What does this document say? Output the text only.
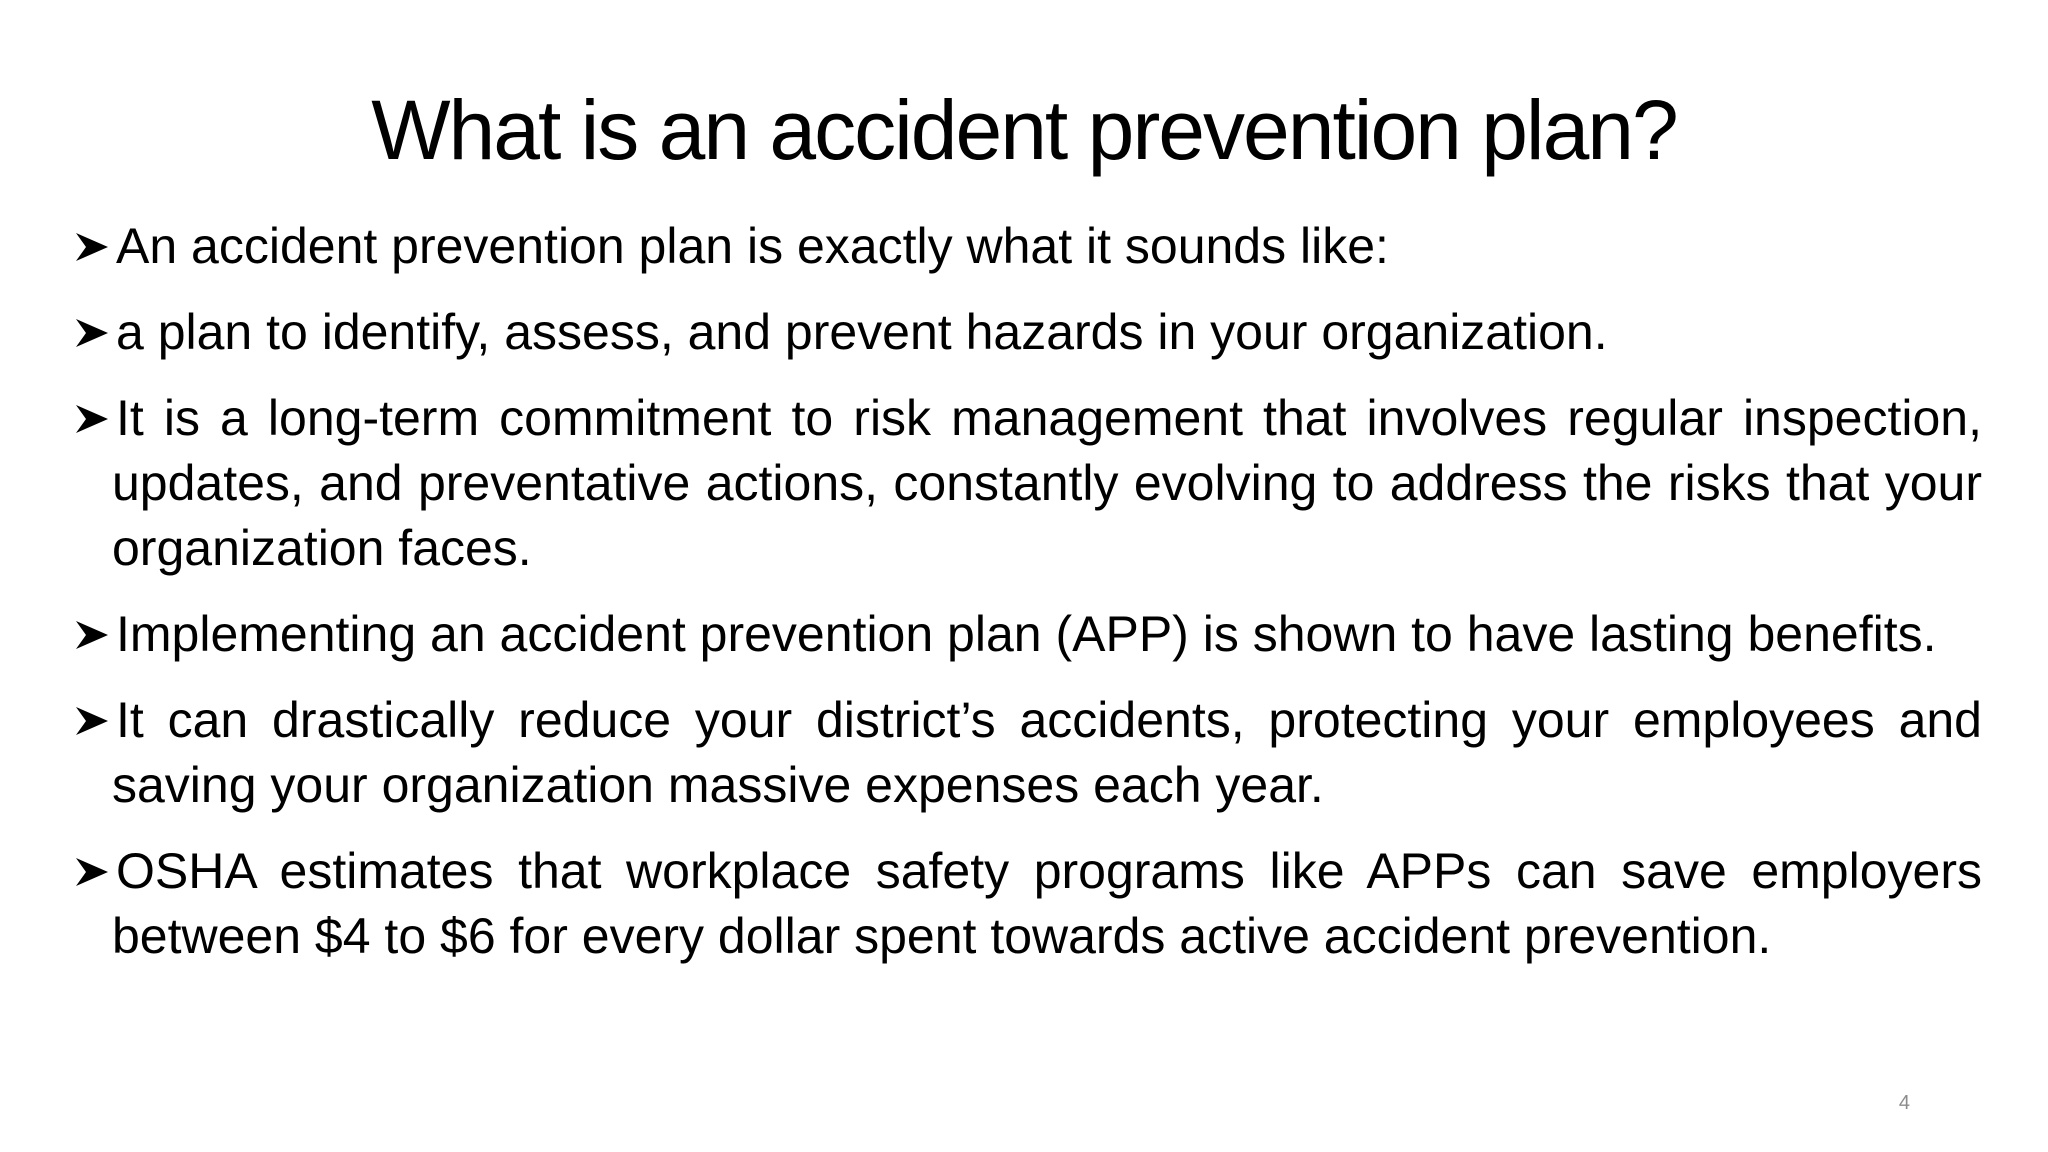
What is an accident prevention plan?
An accident prevention plan is exactly what it sounds like:
a plan to identify, assess, and prevent hazards in your organization.
It is a long-term commitment to risk management that involves regular inspection, updates, and preventative actions, constantly evolving to address the risks that your organization faces.
Implementing an accident prevention plan (APP) is shown to have lasting benefits.
It can drastically reduce your district’s accidents, protecting your employees and saving your organization massive expenses each year.
OSHA estimates that workplace safety programs like APPs can save employers between $4 to $6 for every dollar spent towards active accident prevention.
4
